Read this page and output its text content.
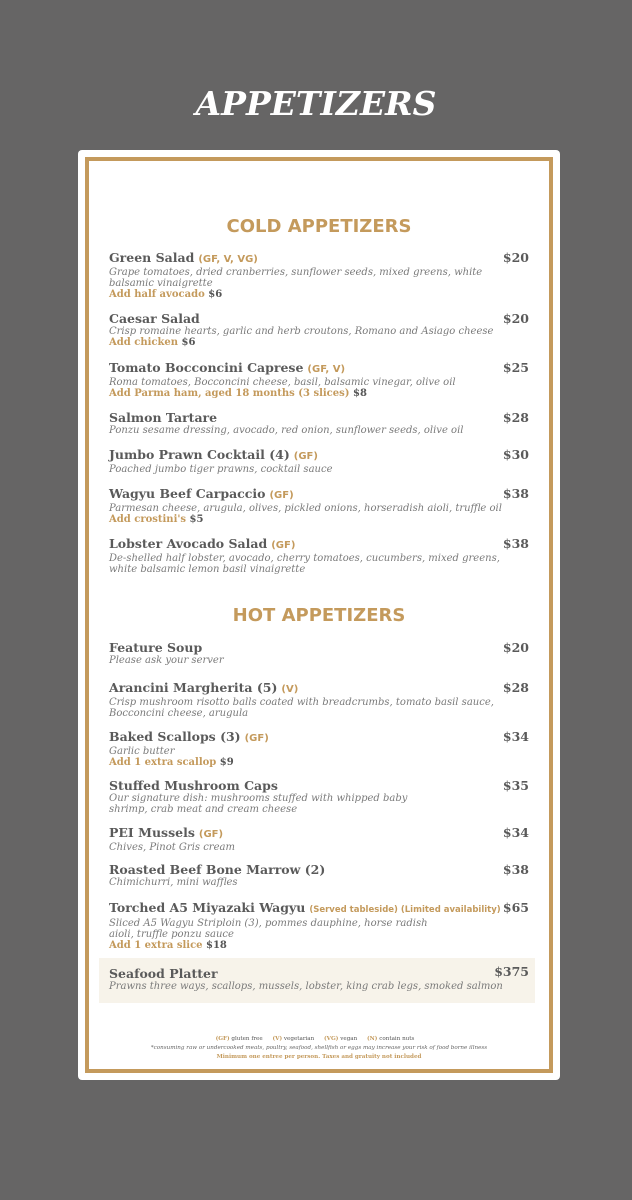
APPETIZERS
COLD APPETIZERS
Green Salad (GF, V, VG)
Grape tomatoes, dried cranberries, sunflower seeds, mixed greens, white balsamic vinaigrette
Add half avocado $6
$20
Caesar Salad
Crisp romaine hearts, garlic and herb croutons, Romano and Asiago cheese
Add chicken $6
$20
Tomato Bocconcini Caprese (GF, V)
Roma tomatoes, Bocconcini cheese, basil, balsamic vinegar, olive oil
Add Parma ham, aged 18 months (3 slices) $8
$25
Salmon Tartare
Ponzu sesame dressing, avocado, red onion, sunflower seeds, olive oil
$28
Jumbo Prawn Cocktail (4) (GF)
Poached jumbo tiger prawns, cocktail sauce
$30
Wagyu Beef Carpaccio (GF)
Parmesan cheese, arugula, olives, pickled onions, horseradish aioli, truffle oil
Add crostini's $5
$38
Lobster Avocado Salad (GF)
De-shelled half lobster, avocado, cherry tomatoes, cucumbers, mixed greens, white balsamic lemon basil vinaigrette
$38
HOT APPETIZERS
Feature Soup
Please ask your server
$20
Arancini Margherita (5) (V)
Crisp mushroom risotto balls coated with breadcrumbs, tomato basil sauce, Bocconcini cheese, arugula
$28
Baked Scallops (3) (GF)
Garlic butter
Add 1 extra scallop $9
$34
Stuffed Mushroom Caps
Our signature dish: mushrooms stuffed with whipped baby shrimp, crab meat and cream cheese
$35
PEI Mussels (GF)
Chives, Pinot Gris cream
$34
Roasted Beef Bone Marrow (2)
Chimichurri, mini waffles
$38
Torched A5 Miyazaki Wagyu (Served tableside) (Limited availability)
Sliced A5 Wagyu Striploin (3), pommes dauphine, horse radish aioli, truffle ponzu sauce
Add 1 extra slice $18
$65
Seafood Platter
Prawns three ways, scallops, mussels, lobster, king crab legs, smoked salmon
$375
(GF) gluten free (V) vegetarian (VG) vegan (N) contain nuts
*consuming raw or undercooked meats, poultry, seafood, shellfish or eggs may increase your risk of food borne illness
Minimum one entree per person. Taxes and gratuity not included
